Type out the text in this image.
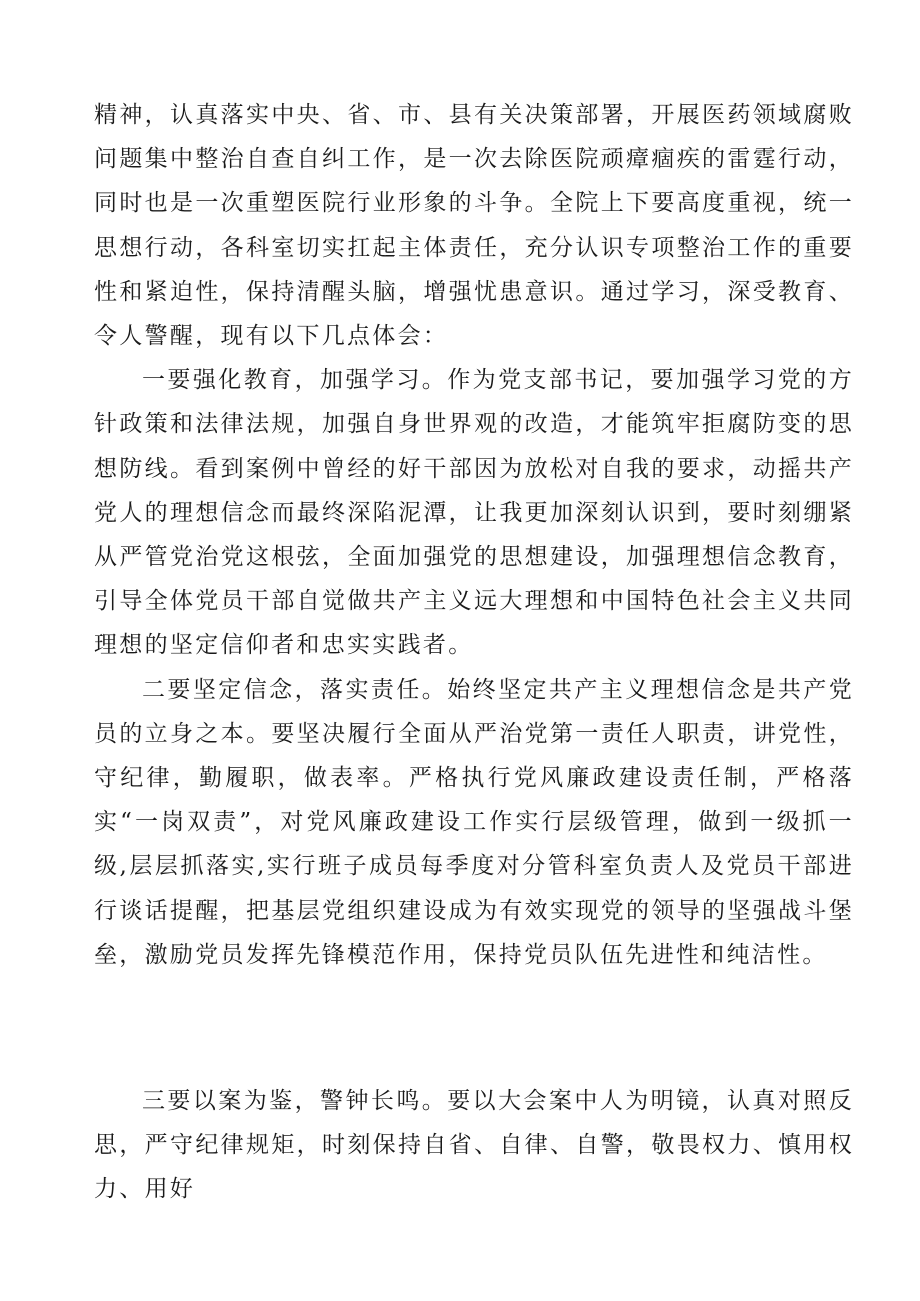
精神，认真落实中央、省、市、县有关决策部署，开展医药领域腐败问题集中整治自查自纠工作，是一次去除医院顽瘴痼疾的雷霆行动，同时也是一次重塑医院行业形象的斗争。全院上下要高度重视，统一思想行动，各科室切实扛起主体责任，充分认识专项整治工作的重要性和紧迫性，保持清醒头脑，增强忧患意识。通过学习，深受教育、令人警醒，现有以下几点体会：

一要强化教育，加强学习。作为党支部书记，要加强学习党的方针政策和法律法规，加强自身世界观的改造，才能筑牢拒腐防变的思想防线。看到案例中曾经的好干部因为放松对自我的要求，动摇共产党人的理想信念而最终深陷泥潭，让我更加深刻认识到，要时刻绷紧从严管党治党这根弦，全面加强党的思想建设，加强理想信念教育，引导全体党员干部自觉做共产主义远大理想和中国特色社会主义共同理想的坚定信仰者和忠实实践者。

二要坚定信念，落实责任。始终坚定共产主义理想信念是共产党员的立身之本。要坚决履行全面从严治党第一责任人职责，讲党性，守纪律，勤履职，做表率。严格执行党风廉政建设责任制，严格落实“一岗双责”，对党风廉政建设工作实行层级管理，做到一级抓一级,层层抓落实,实行班子成员每季度对分管科室负责人及党员干部进行谈话提醒，把基层党组织建设成为有效实现党的领导的坚强战斗堡垒，激励党员发挥先锋模范作用，保持党员队伍先进性和纯洁性。

三要以案为鉴，警钟长鸣。要以大会案中人为明镜，认真对照反思，严守纪律规矩，时刻保持自省、自律、自警，敬畏权力、慎用权力、用好
